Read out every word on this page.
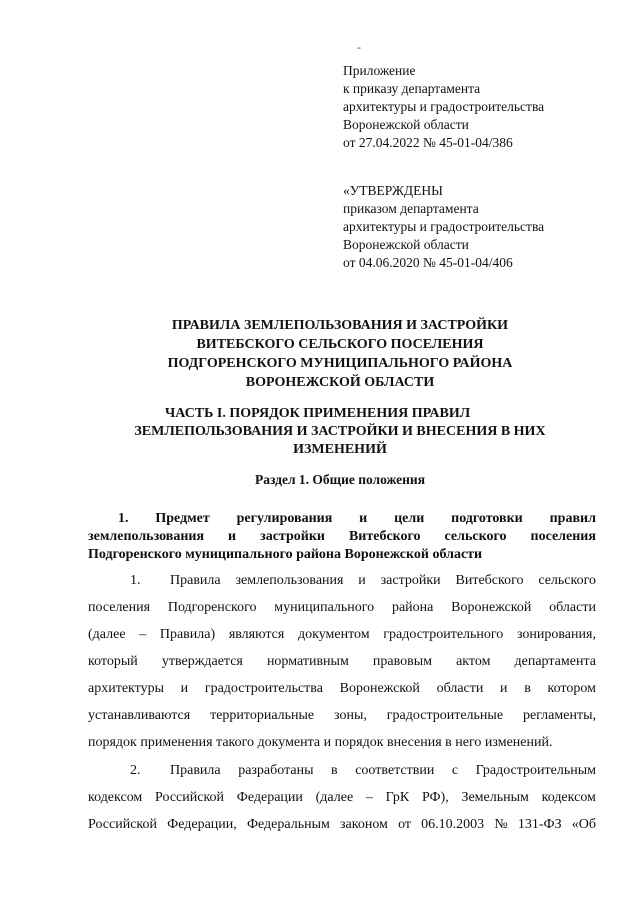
-
Приложение
к приказу департамента
архитектуры и градостроительства
Воронежской области
от 27.04.2022 № 45-01-04/386
«УТВЕРЖДЕНЫ
приказом департамента
архитектуры и градостроительства
Воронежской области
от 04.06.2020 № 45-01-04/406
ПРАВИЛА ЗЕМЛЕПОЛЬЗОВАНИЯ И ЗАСТРОЙКИ
ВИТЕБСКОГО СЕЛЬСКОГО ПОСЕЛЕНИЯ
ПОДГОРЕНСКОГО МУНИЦИПАЛЬНОГО РАЙОНА
ВОРОНЕЖСКОЙ ОБЛАСТИ
ЧАСТЬ I. ПОРЯДОК ПРИМЕНЕНИЯ ПРАВИЛ
ЗЕМЛЕПОЛЬЗОВАНИЯ И ЗАСТРОЙКИ И ВНЕСЕНИЯ В НИХ
ИЗМЕНЕНИЙ
Раздел 1. Общие положения
1. Предмет регулирования и цели подготовки правил
землепользования и застройки Витебского сельского поселения
Подгоренского муниципального района Воронежской области
1.	Правила землепользования и застройки Витебского сельского
поселения Подгоренского муниципального района Воронежской области
(далее – Правила) являются документом градостроительного зонирования,
который утверждается нормативным правовым актом департамента
архитектуры и градостроительства Воронежской области и в котором
устанавливаются территориальные зоны, градостроительные регламенты,
порядок применения такого документа и порядок внесения в него изменений.
2.	Правила разработаны в соответствии с Градостроительным
кодексом Российской Федерации (далее – ГрК РФ), Земельным кодексом
Российской Федерации, Федеральным законом от 06.10.2003 № 131-ФЗ «Об
